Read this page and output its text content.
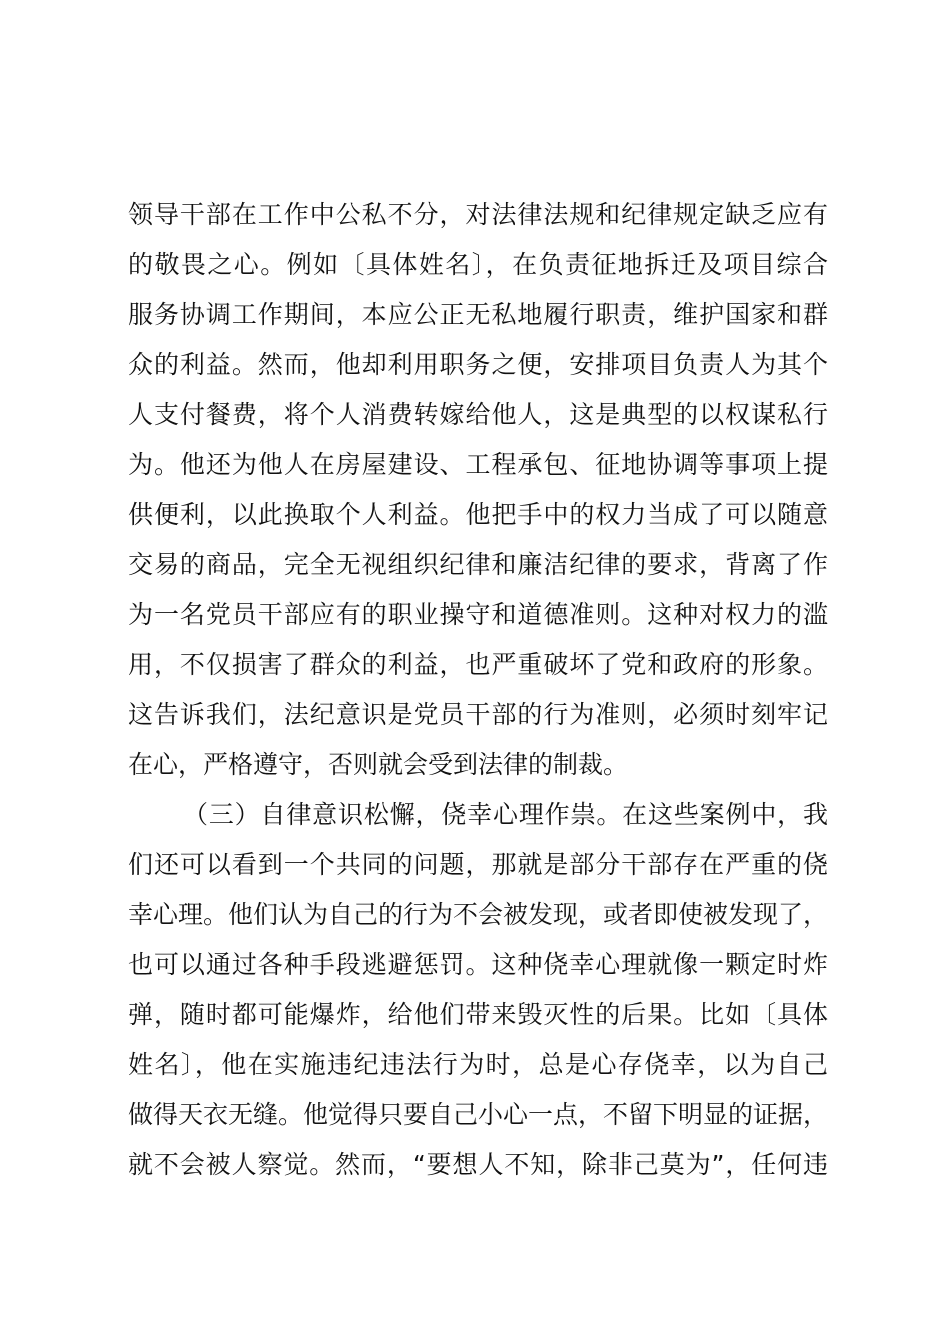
领导干部在工作中公私不分，对法律法规和纪律规定缺乏应有
的敬畏之心。例如〔具体姓名〕，在负责征地拆迁及项目综合
服务协调工作期间，本应公正无私地履行职责，维护国家和群
众的利益。然而，他却利用职务之便，安排项目负责人为其个
人支付餐费，将个人消费转嫁给他人，这是典型的以权谋私行
为。他还为他人在房屋建设、工程承包、征地协调等事项上提
供便利，以此换取个人利益。他把手中的权力当成了可以随意
交易的商品，完全无视组织纪律和廉洁纪律的要求，背离了作
为一名党员干部应有的职业操守和道德准则。这种对权力的滥
用，不仅损害了群众的利益，也严重破坏了党和政府的形象。
这告诉我们，法纪意识是党员干部的行为准则，必须时刻牢记
在心，严格遵守，否则就会受到法律的制裁。
（三）自律意识松懈，侥幸心理作祟。在这些案例中，我
们还可以看到一个共同的问题，那就是部分干部存在严重的侥
幸心理。他们认为自己的行为不会被发现，或者即使被发现了，
也可以通过各种手段逃避惩罚。这种侥幸心理就像一颗定时炸
弹，随时都可能爆炸，给他们带来毁灭性的后果。比如〔具体
姓名〕，他在实施违纪违法行为时，总是心存侥幸，以为自己
做得天衣无缝。他觉得只要自己小心一点，不留下明显的证据，
就不会被人察觉。然而，“要想人不知，除非己莫为”，任何违
